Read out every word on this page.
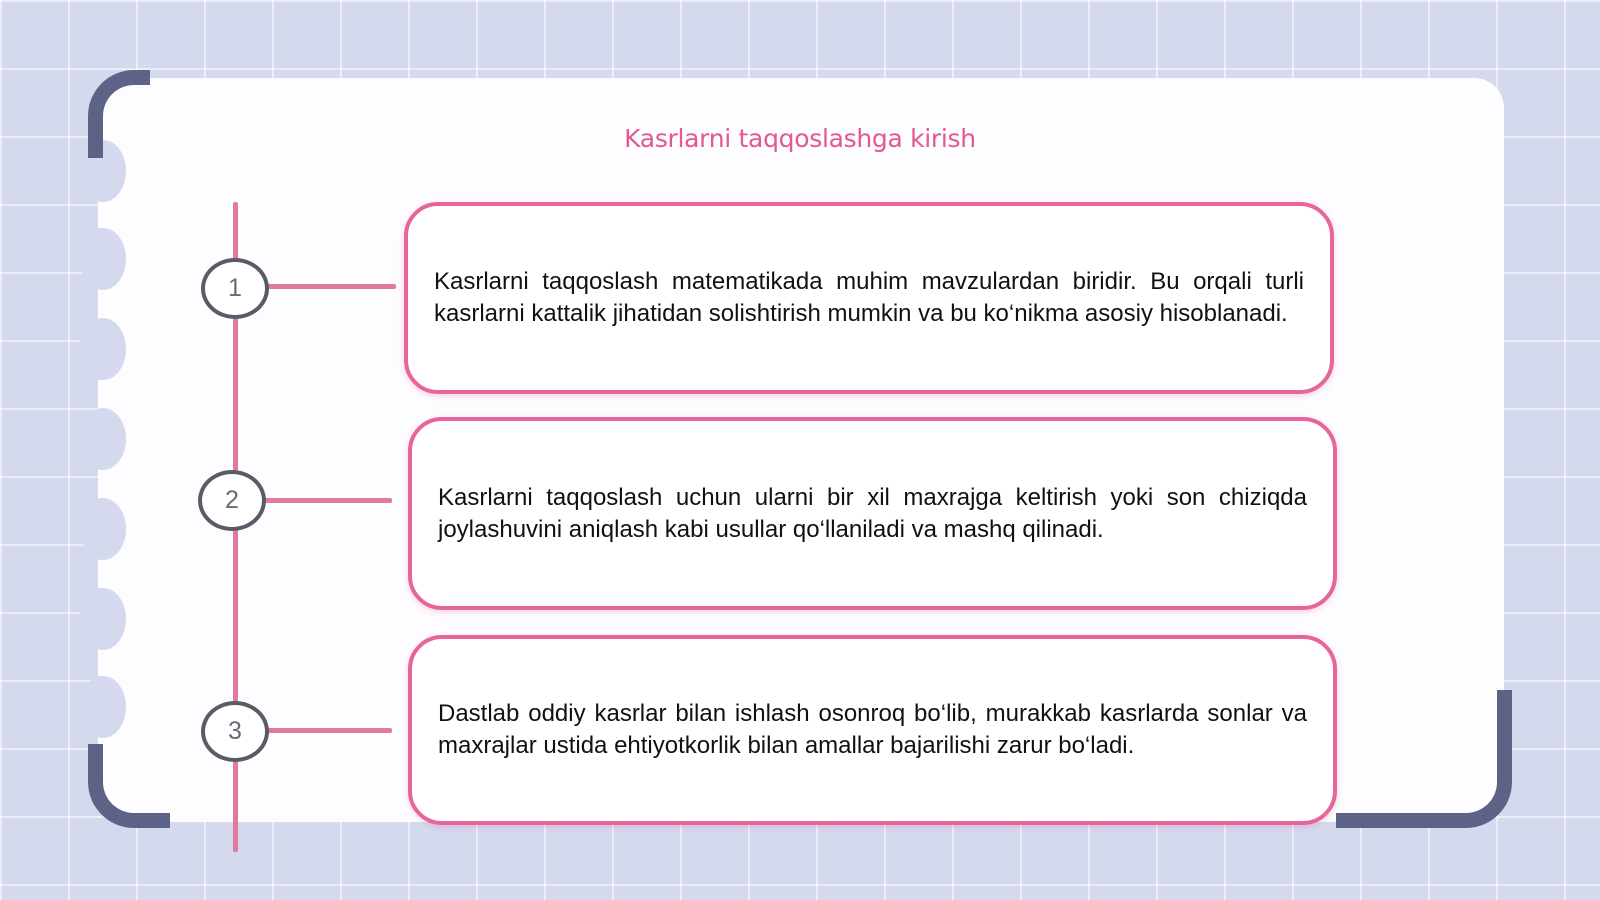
Kasrlarni taqqoslashga kirish
1	Kasrlarni taqqoslash matematikada muhim mavzulardan biridir. Bu orqali turli kasrlarni kattalik jihatidan solishtirish mumkin va bu ko‘nikma asosiy hisoblanadi.

2	Kasrlarni taqqoslash uchun ularni bir xil maxrajga keltirish yoki son chiziqda joylashuvini aniqlash kabi usullar qo‘llaniladi va mashq qilinadi.

3

Dastlab oddiy kasrlar bilan ishlash osonroq bo‘lib, murakkab kasrlarda sonlar va maxrajlar ustida ehtiyotkorlik bilan amallar bajarilishi zarur bo‘ladi.
